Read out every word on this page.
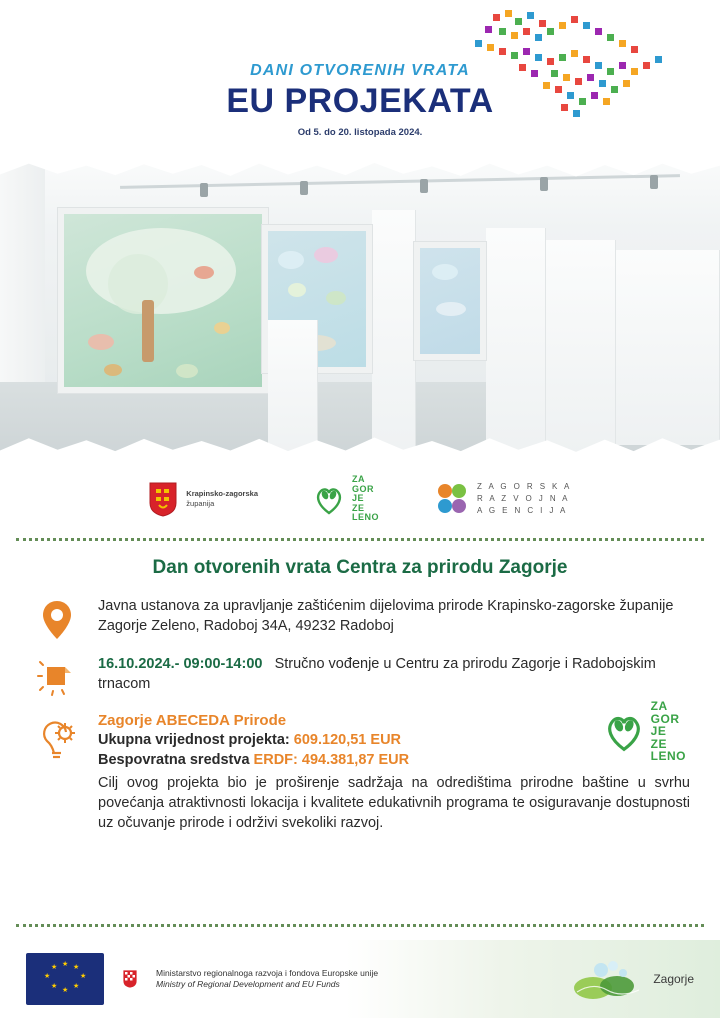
DANI OTVORENIH VRATA
EU PROJEKATA
Od 5. do 20. listopada 2024.
Krapinsko-zagorska
županija
ZA
GOR
JE
ZE
LENO
Z A G O R S K A
R A Z V O J N A
A G E N C I J A
Dan otvorenih vrata Centra za prirodu Zagorje
Javna ustanova za upravljanje zaštićenim dijelovima prirode Krapinsko-zagorske županije Zagorje Zeleno, Radoboj 34A, 49232 Radoboj
16.10.2024.- 09:00-14:00 Stručno vođenje u Centru za prirodu Zagorje i Radobojskim trnacom
Zagorje ABECEDA Prirode
Ukupna vrijednost projekta: 609.120,51 EUR
Bespovratna sredstva ERDF: 494.381,87 EUR
Cilj ovog projekta bio je proširenje sadržaja na odredištima prirodne baštine u svrhu povećanja atraktivnosti lokacija i kvalitete edukativnih programa te osiguravanje dostupnosti uz očuvanje prirode i održivi svekoliki razvoj.
ZA
GOR
JE
ZE
LENO
★ ★
★
★
★
★
★
★
Ministarstvo regionalnoga razvoja i fondova Europske unije
Ministry of Regional Development and EU Funds	Zagorje
